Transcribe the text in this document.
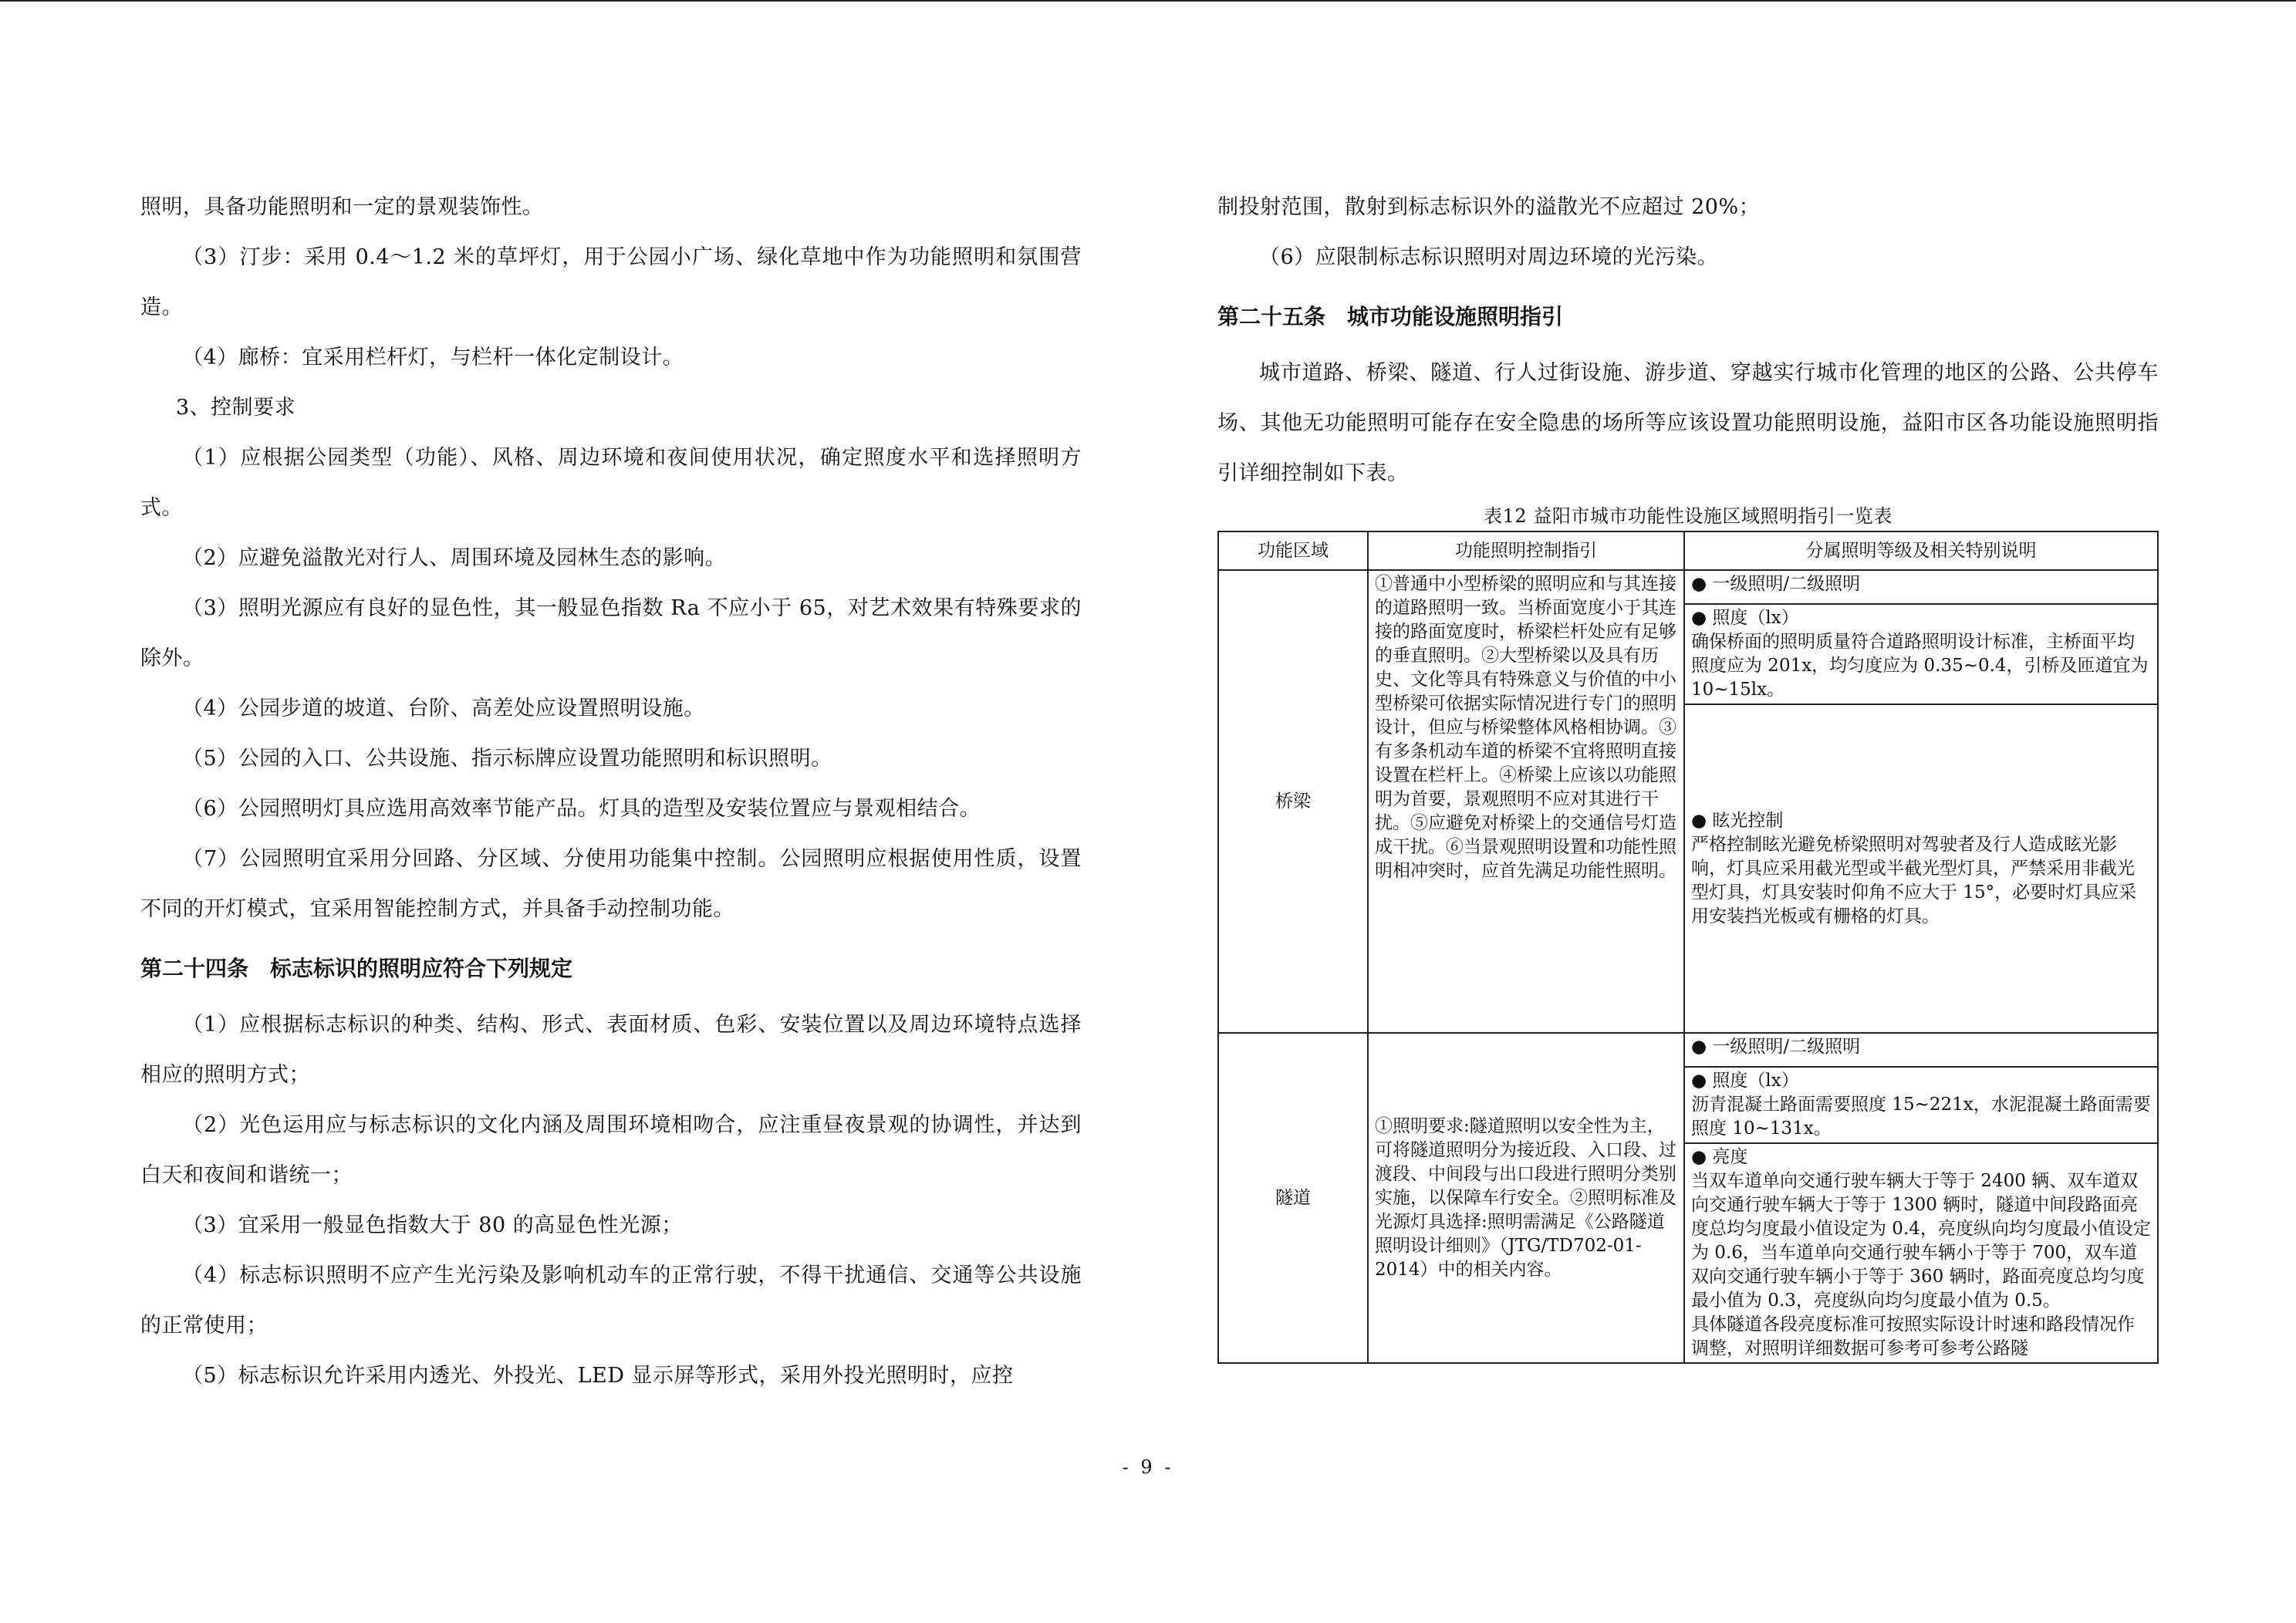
照明，具备功能照明和一定的景观装饰性。

（3）汀步：采用 0.4～1.2 米的草坪灯，用于公园小广场、绿化草地中作为功能照明和氛围营造。

（4）廊桥：宜采用栏杆灯，与栏杆一体化定制设计。

3、控制要求

（1）应根据公园类型（功能）、风格、周边环境和夜间使用状况，确定照度水平和选择照明方式。

（2）应避免溢散光对行人、周围环境及园林生态的影响。

（3）照明光源应有良好的显色性，其一般显色指数 Ra 不应小于 65，对艺术效果有特殊要求的除外。

（4）公园步道的坡道、台阶、高差处应设置照明设施。

（5）公园的入口、公共设施、指示标牌应设置功能照明和标识照明。

（6）公园照明灯具应选用高效率节能产品。灯具的造型及安装位置应与景观相结合。

（7）公园照明宜采用分回路、分区域、分使用功能集中控制。公园照明应根据使用性质，设置不同的开灯模式，宜采用智能控制方式，并具备手动控制功能。

第二十四条　标志标识的照明应符合下列规定

（1）应根据标志标识的种类、结构、形式、表面材质、色彩、安装位置以及周边环境特点选择相应的照明方式；

（2）光色运用应与标志标识的文化内涵及周围环境相吻合，应注重昼夜景观的协调性，并达到白天和夜间和谐统一；

（3）宜采用一般显色指数大于 80 的高显色性光源；

（4）标志标识照明不应产生光污染及影响机动车的正常行驶，不得干扰通信、交通等公共设施的正常使用；

（5）标志标识允许采用内透光、外投光、LED 显示屏等形式，采用外投光照明时，应控

制投射范围，散射到标志标识外的溢散光不应超过 20%；

（6）应限制标志标识照明对周边环境的光污染。

第二十五条　城市功能设施照明指引

城市道路、桥梁、隧道、行人过街设施、游步道、穿越实行城市化管理的地区的公路、公共停车场、其他无功能照明可能存在安全隐患的场所等应该设置功能照明设施，益阳市区各功能设施照明指引详细控制如下表。

表12 益阳市城市功能性设施区域照明指引一览表

功能区域	功能照明控制指引	分属照明等级及相关特别说明
桥梁	①普通中小型桥梁的照明应和与其连接的道路照明一致。当桥面宽度小于其连接的路面宽度时，桥梁栏杆处应有足够的垂直照明。②大型桥梁以及具有历史、文化等具有特殊意义与价值的中小型桥梁可依据实际情况进行专门的照明设计，但应与桥梁整体风格相协调。③有多条机动车道的桥梁不宜将照明直接设置在栏杆上。④桥梁上应该以功能照明为首要，景观照明不应对其进行干扰。⑤应避免对桥梁上的交通信号灯造成干扰。⑥当景观照明设置和功能性照明相冲突时，应首先满足功能性照明。	● 一级照明/二级照明

		● 照度（lx）
确保桥面的照明质量符合道路照明设计标准，主桥面平均照度应为 201x，均匀度应为 0.35~0.4，引桥及匝道宜为 10~15lx。

		● 眩光控制
严格控制眩光避免桥梁照明对驾驶者及行人造成眩光影响，灯具应采用截光型或半截光型灯具，严禁采用非截光型灯具，灯具安装时仰角不应大于 15°，必要时灯具应采用安装挡光板或有栅格的灯具。

隧道	①照明要求:隧道照明以安全性为主，可将隧道照明分为接近段、入口段、过渡段、中间段与出口段进行照明分类别实施，以保障车行安全。②照明标准及光源灯具选择:照明需满足《公路隧道照明设计细则》（JTG/TD702-01-2014）中的相关内容。	● 一级照明/二级照明

		● 照度（lx）
沥青混凝土路面需要照度 15~221x，水泥混凝土路面需要照度 10~131x。

		● 亮度
当双车道单向交通行驶车辆大于等于 2400 辆、双车道双向交通行驶车辆大于等于 1300 辆时，隧道中间段路面亮度总均匀度最小值设定为 0.4，亮度纵向均匀度最小值设定为 0.6，当车道单向交通行驶车辆小于等于 700，双车道双向交通行驶车辆小于等于 360 辆时，路面亮度总均匀度最小值为 0.3，亮度纵向均匀度最小值为 0.5。
具体隧道各段亮度标准可按照实际设计时速和路段情况作调整，对照明详细数据可参考可参考公路隧
- 9 -
